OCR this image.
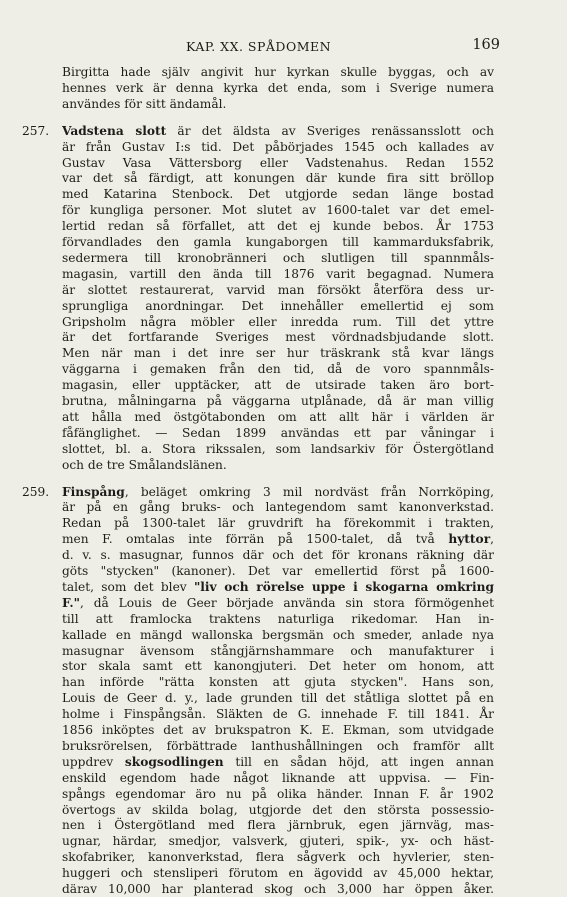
KAP. XX. SPÅDOMEN	169
Birgitta hade själv angivit hur kyrkan skulle byggas, och av
hennes verk är denna kyrka det enda, som i Sverige numera
användes för sitt ändamål.
257.	Vadstena slott är det äldsta av Sveriges renässansslott och
är från Gustav I:s tid. Det påbörjades 1545 och kallades av
Gustav Vasa Vättersborg eller Vadstenahus. Redan 1552
var det så färdigt, att konungen där kunde fira sitt bröllop
med Katarina Stenbock. Det utgjorde sedan länge bostad
för kungliga personer. Mot slutet av 1600-talet var det emel-
lertid redan så förfallet, att det ej kunde bebos. År 1753
förvandlades den gamla kungaborgen till kammarduksfabrik,
sedermera till kronobränneri och slutligen till spannmåls-
magasin, vartill den ända till 1876 varit begagnad. Numera
är slottet restaurerat, varvid man försökt återföra dess ur-
sprungliga anordningar. Det innehåller emellertid ej som
Gripsholm några möbler eller inredda rum. Till det yttre
är det fortfarande Sveriges mest vördnadsbjudande slott.
Men när man i det inre ser hur träskrank stå kvar längs
väggarna i gemaken från den tid, då de voro spannmåls-
magasin, eller upptäcker, att de utsirade taken äro bort-
brutna, målningarna på väggarna utplånade, då är man villig
att hålla med östgötabonden om att allt här i världen är
fåfänglighet. — Sedan 1899 användas ett par våningar i
slottet, bl. a. Stora rikssalen, som landsarkiv för Östergötland
och de tre Smålandslänen.
259.	Finspång, beläget omkring 3 mil nordväst från Norrköping,
är på en gång bruks- och lantegendom samt kanonverkstad.
Redan på 1300-talet lär gruvdrift ha förekommit i trakten,
men F. omtalas inte förrän på 1500-talet, då två hyttor,
d. v. s. masugnar, funnos där och det för kronans räkning där
göts "stycken" (kanoner). Det var emellertid först på 1600-
talet, som det blev "liv och rörelse uppe i skogarna omkring
F.", då Louis de Geer började använda sin stora förmögenhet
till att framlocka traktens naturliga rikedomar. Han in-
kallade en mängd wallonska bergsmän och smeder, anlade nya
masugnar ävensom stångjärnshammare och manufakturer i
stor skala samt ett kanongjuteri. Det heter om honom, att
han införde "rätta konsten att gjuta stycken". Hans son,
Louis de Geer d. y., lade grunden till det ståtliga slottet på en
holme i Finspångsån. Släkten de G. innehade F. till 1841. År
1856 inköptes det av brukspatron K. E. Ekman, som utvidgade
bruksrörelsen, förbättrade lanthushållningen och framför allt
uppdrev skogsodlingen till en sådan höjd, att ingen annan
enskild egendom hade något liknande att uppvisa. — Fin-
spångs egendomar äro nu på olika händer. Innan F. år 1902
övertogs av skilda bolag, utgjorde det den största possessio-
nen i Östergötland med flera järnbruk, egen järnväg, mas-
ugnar, härdar, smedjor, valsverk, gjuteri, spik-, yx- och häst-
skofabriker, kanonverkstad, flera sågverk och hyvlerier, sten-
huggeri och stensliperi förutom en ägovidd av 45,000 hektar,
därav 10,000 har planterad skog och 3,000 har öppen åker.
